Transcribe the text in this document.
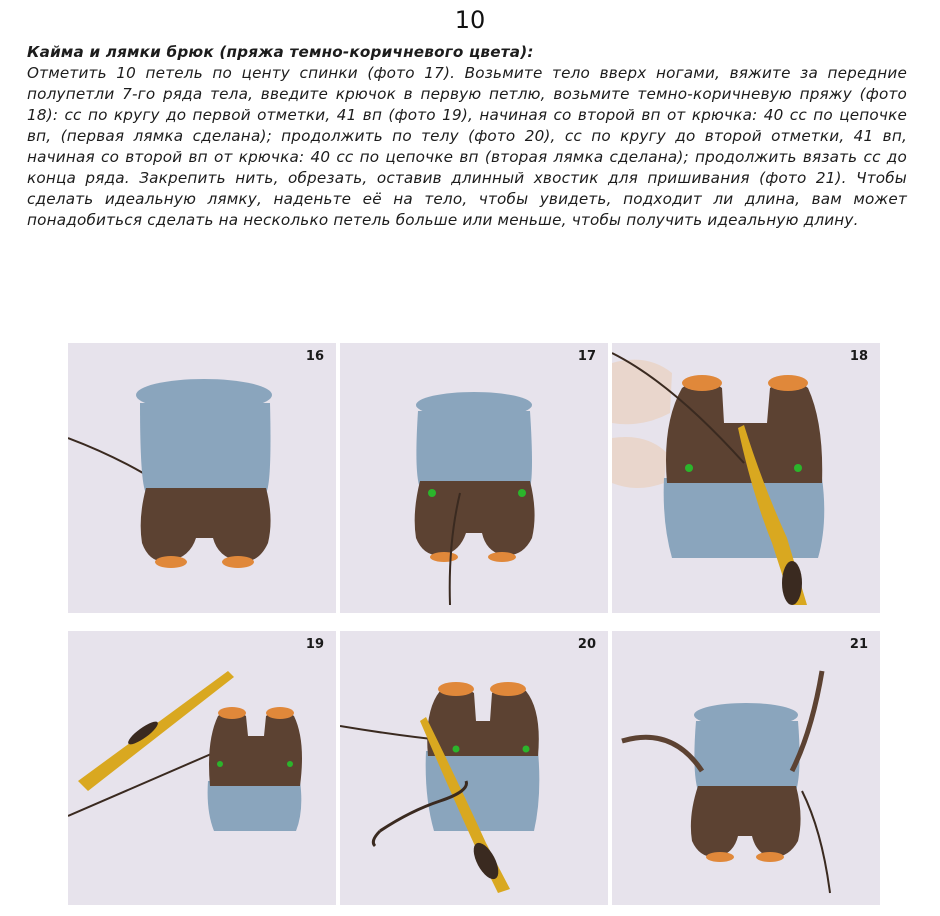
10
Кайма и лямки брюк (пряжа темно-коричневого цвета):
Отметить 10 петель по центу спинки (фото 17). Возьмите тело вверх ногами, вяжите за передние полупетли 7-го ряда тела, введите крючок в первую петлю, возьмите темно-коричневую пряжу (фото 18): сс по кругу до первой отметки, 41 вп (фото 19), начиная со второй вп от крючка: 40 сс по цепочке вп, (первая лямка сделана); продолжить по телу (фото 20), сс по кругу до второй отметки, 41 вп, начиная со второй вп от крючка: 40 сс по цепочке вп (вторая лямка сделана); продолжить вязать сс до конца ряда. Закрепить нить, обрезать, оставив длинный хвостик для пришивания (фото 21). Чтобы сделать идеальную лямку, наденьте её на тело, чтобы увидеть, подходит ли длина, вам может понадобиться сделать на несколько петель больше или меньше, чтобы получить идеальную длину.
16	17	18
19	20	21
